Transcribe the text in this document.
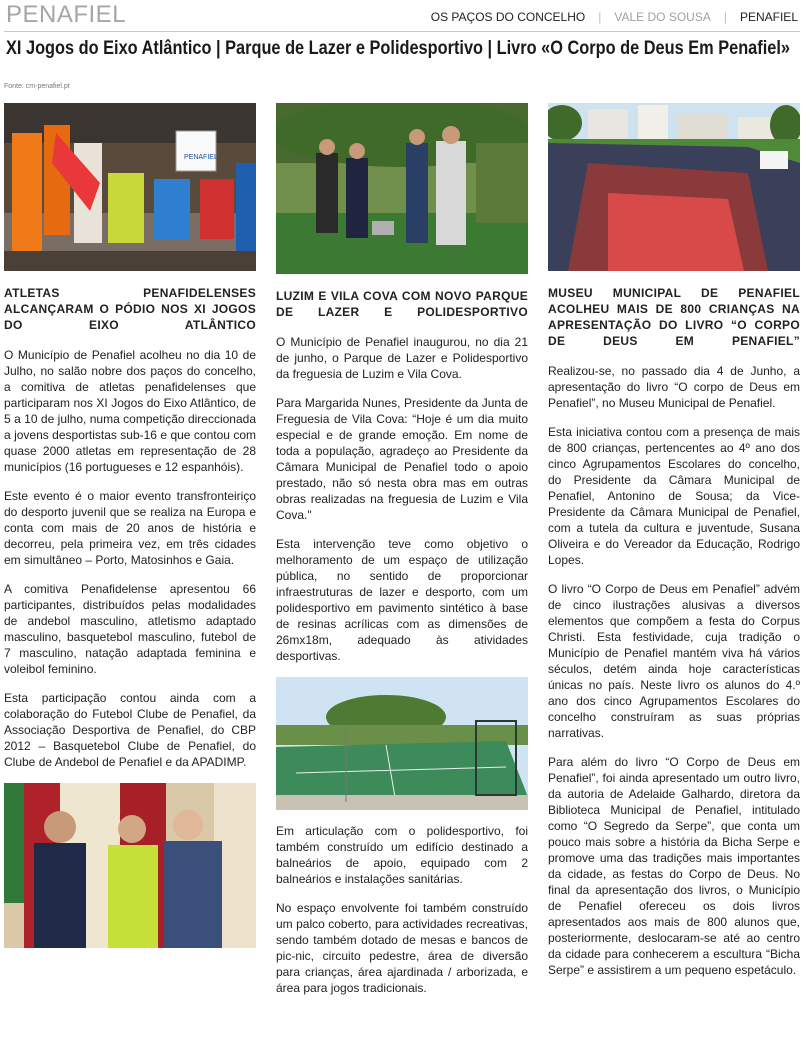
PENAFIEL	OS PAÇOS DO CONCELHO | VALE DO SOUSA | PENAFIEL
XI Jogos do Eixo Atlântico | Parque de Lazer e Polidesportivo | Livro «O Corpo de Deus Em Penafiel»
Fonte: cm-penafiel.pt
PENAFIEL
ATLETAS PENAFIDELENSES ALCANÇARAM O PÓDIO NOS XI JOGOS DO EIXO ATLÂNTICO

O Município de Penafiel acolheu no dia 10 de Julho, no salão nobre dos paços do concelho, a comitiva de atletas penafidelenses que participaram nos XI Jogos do Eixo Atlântico, de 5 a 10 de julho, numa competição direccionada a jovens desportistas sub-16 e que contou com quase 2000 atletas em representação de 28 municípios (16 portugueses e 12 espanhóis).

Este evento é o maior evento transfronteiriço do desporto juvenil que se realiza na Europa e conta com mais de 20 anos de história e decorreu, pela primeira vez, em três cidades em simultâneo – Porto, Matosinhos e Gaia.

A comitiva Penafidelense apresentou 66 participantes, distribuídos pelas modalidades de andebol masculino, atletismo adaptado masculino, basquetebol masculino, futebol de 7 masculino, natação adaptada feminina e voleibol feminino.

Esta participação contou ainda com a colaboração do Futebol Clube de Penafiel, da Associação Desportiva de Penafiel, do CBP 2012 – Basquetebol Clube de Penafiel, do Clube de Andebol de Penafiel e da APADIMP.

LUZIM E VILA COVA COM NOVO PARQUE DE LAZER E POLIDESPORTIVO

O Município de Penafiel inaugurou, no dia 21 de junho, o Parque de Lazer e Polidesportivo da freguesia de Luzim e Vila Cova.

Para Margarida Nunes, Presidente da Junta de Freguesia de Vila Cova: “Hoje é um dia muito especial e de grande emoção. Em nome de toda a população, agradeço ao Presidente da Câmara Municipal de Penafiel todo o apoio prestado, não só nesta obra mas em outras obras realizadas na freguesia de Luzim e Vila Cova."

Esta intervenção teve como objetivo o melhoramento de um espaço de utilização pública, no sentido de proporcionar infraestruturas de lazer e desporto, com um polidesportivo em pavimento sintético à base de resinas acrílicas com as dimensões de 26mx18m, adequado às atividades desportivas.

Em articulação com o polidesportivo, foi também construído um edifício destinado a balneários de apoio, equipado com 2 balneários e instalações sanitárias.

No espaço envolvente foi também construído um palco coberto, para actividades recreativas, sendo também dotado de mesas e bancos de pic-nic, circuito pedestre, área de diversão para crianças, área ajardinada / arborizada, e área para jogos tradicionais.

MUSEU MUNICIPAL DE PENAFIEL ACOLHEU MAIS DE 800 CRIANÇAS NA APRESENTAÇÃO DO LIVRO “O CORPO DE DEUS EM PENAFIEL”

Realizou-se, no passado dia 4 de Junho, a apresentação do livro “O corpo de Deus em Penafiel”, no Museu Municipal de Penafiel.

Esta iniciativa contou com a presença de mais de 800 crianças, pertencentes ao 4º ano dos cinco Agrupamentos Escolares do concelho, do Presidente da Câmara Municipal de Penafiel, Antonino de Sousa; da Vice-Presidente da Câmara Municipal de Penafiel, com a tutela da cultura e juventude, Susana Oliveira e do Vereador da Educação, Rodrigo Lopes.

O livro “O Corpo de Deus em Penafiel” advém de cinco ilustrações alusivas a diversos elementos que compõem a festa do Corpus Christi. Esta festividade, cuja tradição o Município de Penafiel mantém viva há vários séculos, detém ainda hoje características únicas no país. Neste livro os alunos do 4.º ano dos cinco Agrupamentos Escolares do concelho construíram as suas próprias narrativas.

Para além do livro “O Corpo de Deus em Penafiel”, foi ainda apresentado um outro livro, da autoria de Adelaide Galhardo, diretora da Biblioteca Municipal de Penafiel, intitulado como “O Segredo da Serpe”, que conta um pouco mais sobre a história da Bicha Serpe e promove uma das tradições mais importantes da cidade, as festas do Corpo de Deus. No final da apresentação dos livros, o Município de Penafiel ofereceu os dois livros apresentados aos mais de 800 alunos que, posteriormente, deslocaram-se até ao centro da cidade para conhecerem a escultura “Bicha Serpe” e assistirem a um pequeno espetáculo.
